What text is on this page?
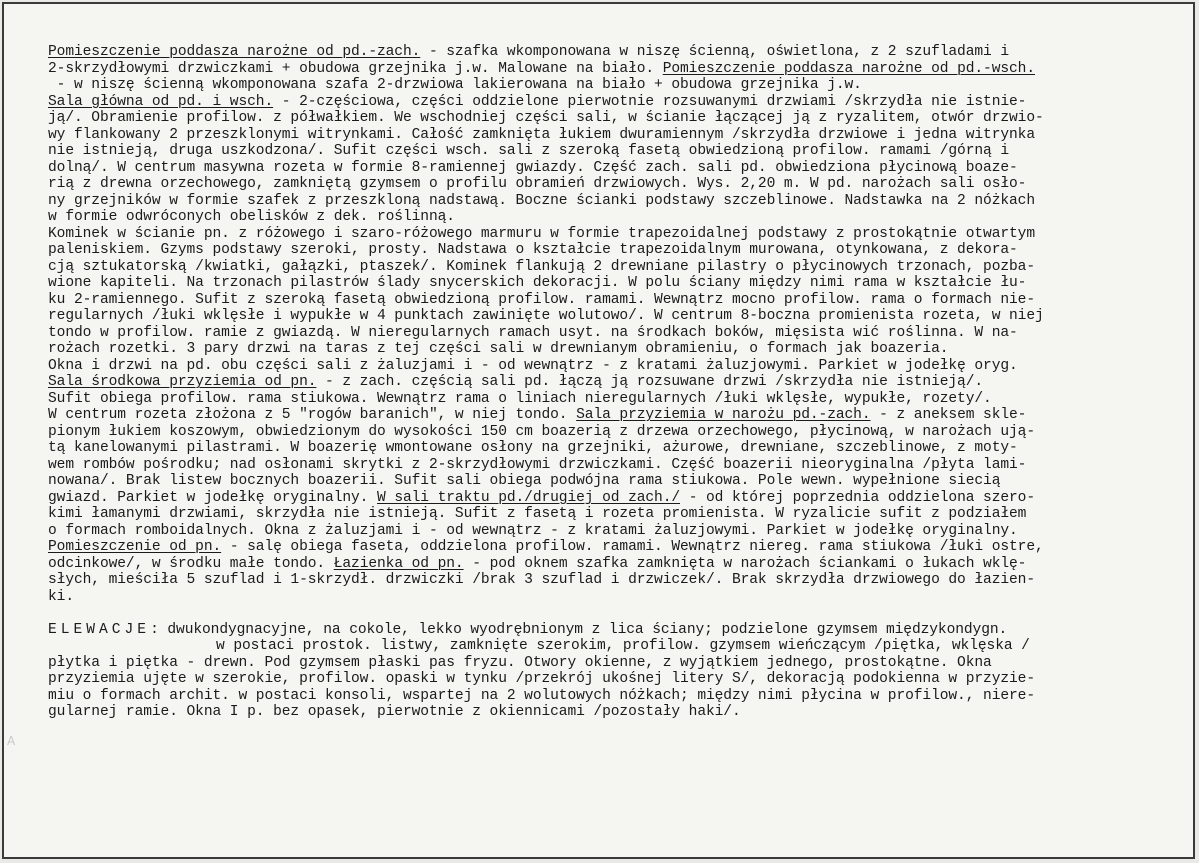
Pomieszczenie poddasza narożne od pd.-zach. - szafka wkomponowana w niszę ścienną, oświetlona, z 2 szufladami i
2-skrzydłowymi drzwiczkami + obudowa grzejnika j.w. Malowane na biało. Pomieszczenie poddasza narożne od pd.-wsch.
- w niszę ścienną wkomponowana szafa 2-drzwiowa lakierowana na biało + obudowa grzejnika j.w.
Sala główna od pd. i wsch. - 2-częściowa, części oddzielone pierwotnie rozsuwanymi drzwiami /skrzydła nie istnie-
ją/. Obramienie profilow. z półwałkiem. We wschodniej części sali, w ścianie łączącej ją z ryzalitem, otwór drzwio-
wy flankowany 2 przeszklonymi witrynkami. Całość zamknięta łukiem dwuramiennym /skrzydła drzwiowe i jedna witrynka
nie istnieją, druga uszkodzona/. Sufit części wsch. sali z szeroką fasetą obwiedzioną profilow. ramami /górną i
dolną/. W centrum masywna rozeta w formie 8-ramiennej gwiazdy. Część zach. sali pd. obwiedziona płycinową boaze-
rią z drewna orzechowego, zamkniętą gzymsem o profilu obramień drzwiowych. Wys. 2,20 m. W pd. narożach sali osło-
ny grzejników w formie szafek z przeszkloną nadstawą. Boczne ścianki podstawy szczeblinowe. Nadstawka na 2 nóżkach
w formie odwróconych obelisków z dek. roślinną.
Kominek w ścianie pn. z różowego i szaro-różowego marmuru w formie trapezoidalnej podstawy z prostokątnie otwartym
paleniskiem. Gzyms podstawy szeroki, prosty. Nadstawa o kształcie trapezoidalnym murowana, otynkowana, z dekora-
cją sztukatorską /kwiatki, gałązki, ptaszek/. Kominek flankują 2 drewniane pilastry o płycinowych trzonach, pozba-
wione kapiteli. Na trzonach pilastrów ślady snycerskich dekoracji. W polu ściany między nimi rama w kształcie łu-
ku 2-ramiennego. Sufit z szeroką fasetą obwiedzioną profilow. ramami. Wewnątrz mocno profilow. rama o formach nie-
regularnych /łuki wklęsłe i wypukłe w 4 punktach zawinięte wolutowo/. W centrum 8-boczna promienista rozeta, w niej
tondo w profilow. ramie z gwiazdą. W nieregularnych ramach usyt. na środkach boków, mięsista wić roślinna. W na-
rożach rozetki. 3 pary drzwi na taras z tej części sali w drewnianym obramieniu, o formach jak boazeria.
Okna i drzwi na pd. obu części sali z żaluzjami i - od wewnątrz - z kratami żaluzjowymi. Parkiet w jodełkę oryg.
Sala środkowa przyziemia od pn. - z zach. częścią sali pd. łączą ją rozsuwane drzwi /skrzydła nie istnieją/.
Sufit obiega profilow. rama stiukowa. Wewnątrz rama o liniach nieregularnych /łuki wklęsłe, wypukłe, rozety/.
W centrum rozeta złożona z 5 "rogów baranich", w niej tondo. Sala przyziemia w narożu pd.-zach. - z aneksem skle-
pionym łukiem koszowym, obwiedzionym do wysokości 150 cm boazerią z drzewa orzechowego, płycinową, w narożach ują-
tą kanelowanymi pilastrami. W boazerię wmontowane osłony na grzejniki, ażurowe, drewniane, szczeblinowe, z moty-
wem rombów pośrodku; nad osłonami skrytki z 2-skrzydłowymi drzwiczkami. Część boazerii nieoryginalna /płyta lami-
nowana/. Brak listew bocznych boazerii. Sufit sali obiega podwójna rama stiukowa. Pole wewn. wypełnione siecią
gwiazd. Parkiet w jodełkę oryginalny. W sali traktu pd./drugiej od zach./ - od której poprzednia oddzielona szero-
kimi łamanymi drzwiami, skrzydła nie istnieją. Sufit z fasetą i rozeta promienista. W ryzalicie sufit z podziałem
o formach romboidalnych. Okna z żaluzjami i - od wewnątrz - z kratami żaluzjowymi. Parkiet w jodełkę oryginalny.
Pomieszczenie od pn. - salę obiega faseta, oddzielona profilow. ramami. Wewnątrz niereg. rama stiukowa /łuki ostre,
odcinkowe/, w środku małe tondo. Łazienka od pn. - pod oknem szafka zamknięta w narożach ściankami o łukach wklę-
słych, mieściła 5 szuflad i 1-skrzydł. drzwiczki /brak 3 szuflad i drzwiczek/. Brak skrzydła drzwiowego do łazien-
ki.
ELEWACJE: dwukondygnacyjne, na cokole, lekko wyodrębnionym z lica ściany; podzielone gzymsem międzykondygn.
w postaci prostok. listwy, zamknięte szerokim, profilow. gzymsem wieńczącym /piętka, wklęska /
płytka i piętka - drewn. Pod gzymsem płaski pas fryzu. Otwory okienne, z wyjątkiem jednego, prostokątne. Okna
przyziemia ujęte w szerokie, profilow. opaski w tynku /przekrój ukośnej litery S/, dekoracją podokienna w przyzie-
miu o formach archit. w postaci konsoli, wspartej na 2 wolutowych nóżkach; między nimi płycina w profilow., niere-
gularnej ramie. Okna I p. bez opasek, pierwotnie z okiennicami /pozostały haki/.
A
